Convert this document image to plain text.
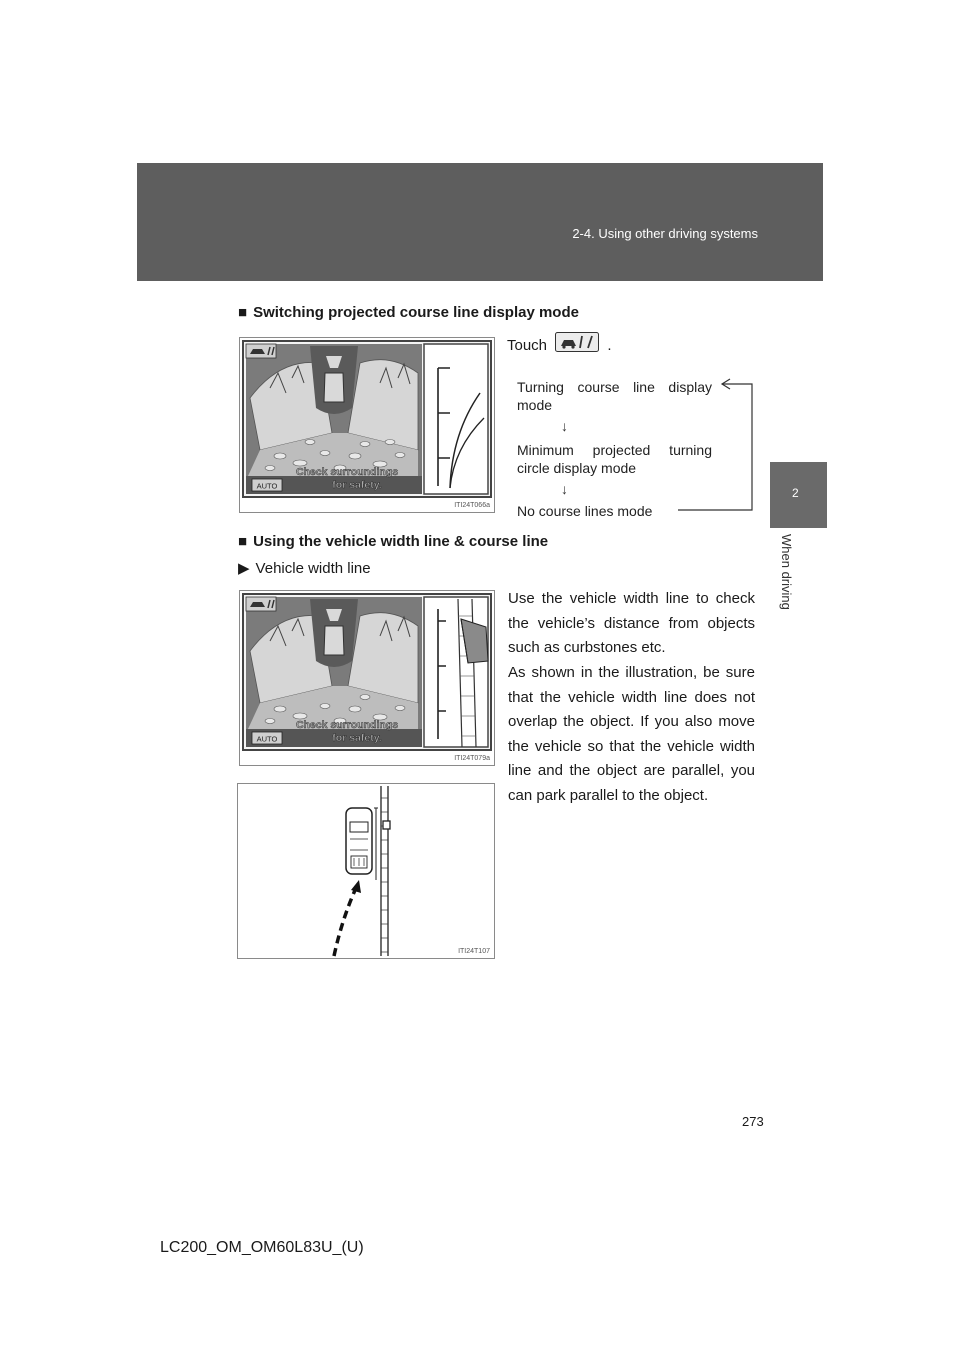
2-4. Using other driving systems
2
When driving
■ Switching projected course line display mode
Touch	.
AUTO
Check surroundings
for safety.
ITI24T066a
Turning course line display mode
↓
Minimum projected turning circle display mode
↓
No course lines mode
■ Using the vehicle width line & course line
▶ Vehicle width line
Use the vehicle width line to check the vehicle’s distance from objects such as curbstones etc.
As shown in the illustration, be sure that the vehicle width line does not overlap the object. If you also move the vehicle so that the vehicle width line and the object are parallel, you can park parallel to the object.
AUTO
Check surroundings
for safety.
ITI24T079a
ITI24T107
273
LC200_OM_OM60L83U_(U)
